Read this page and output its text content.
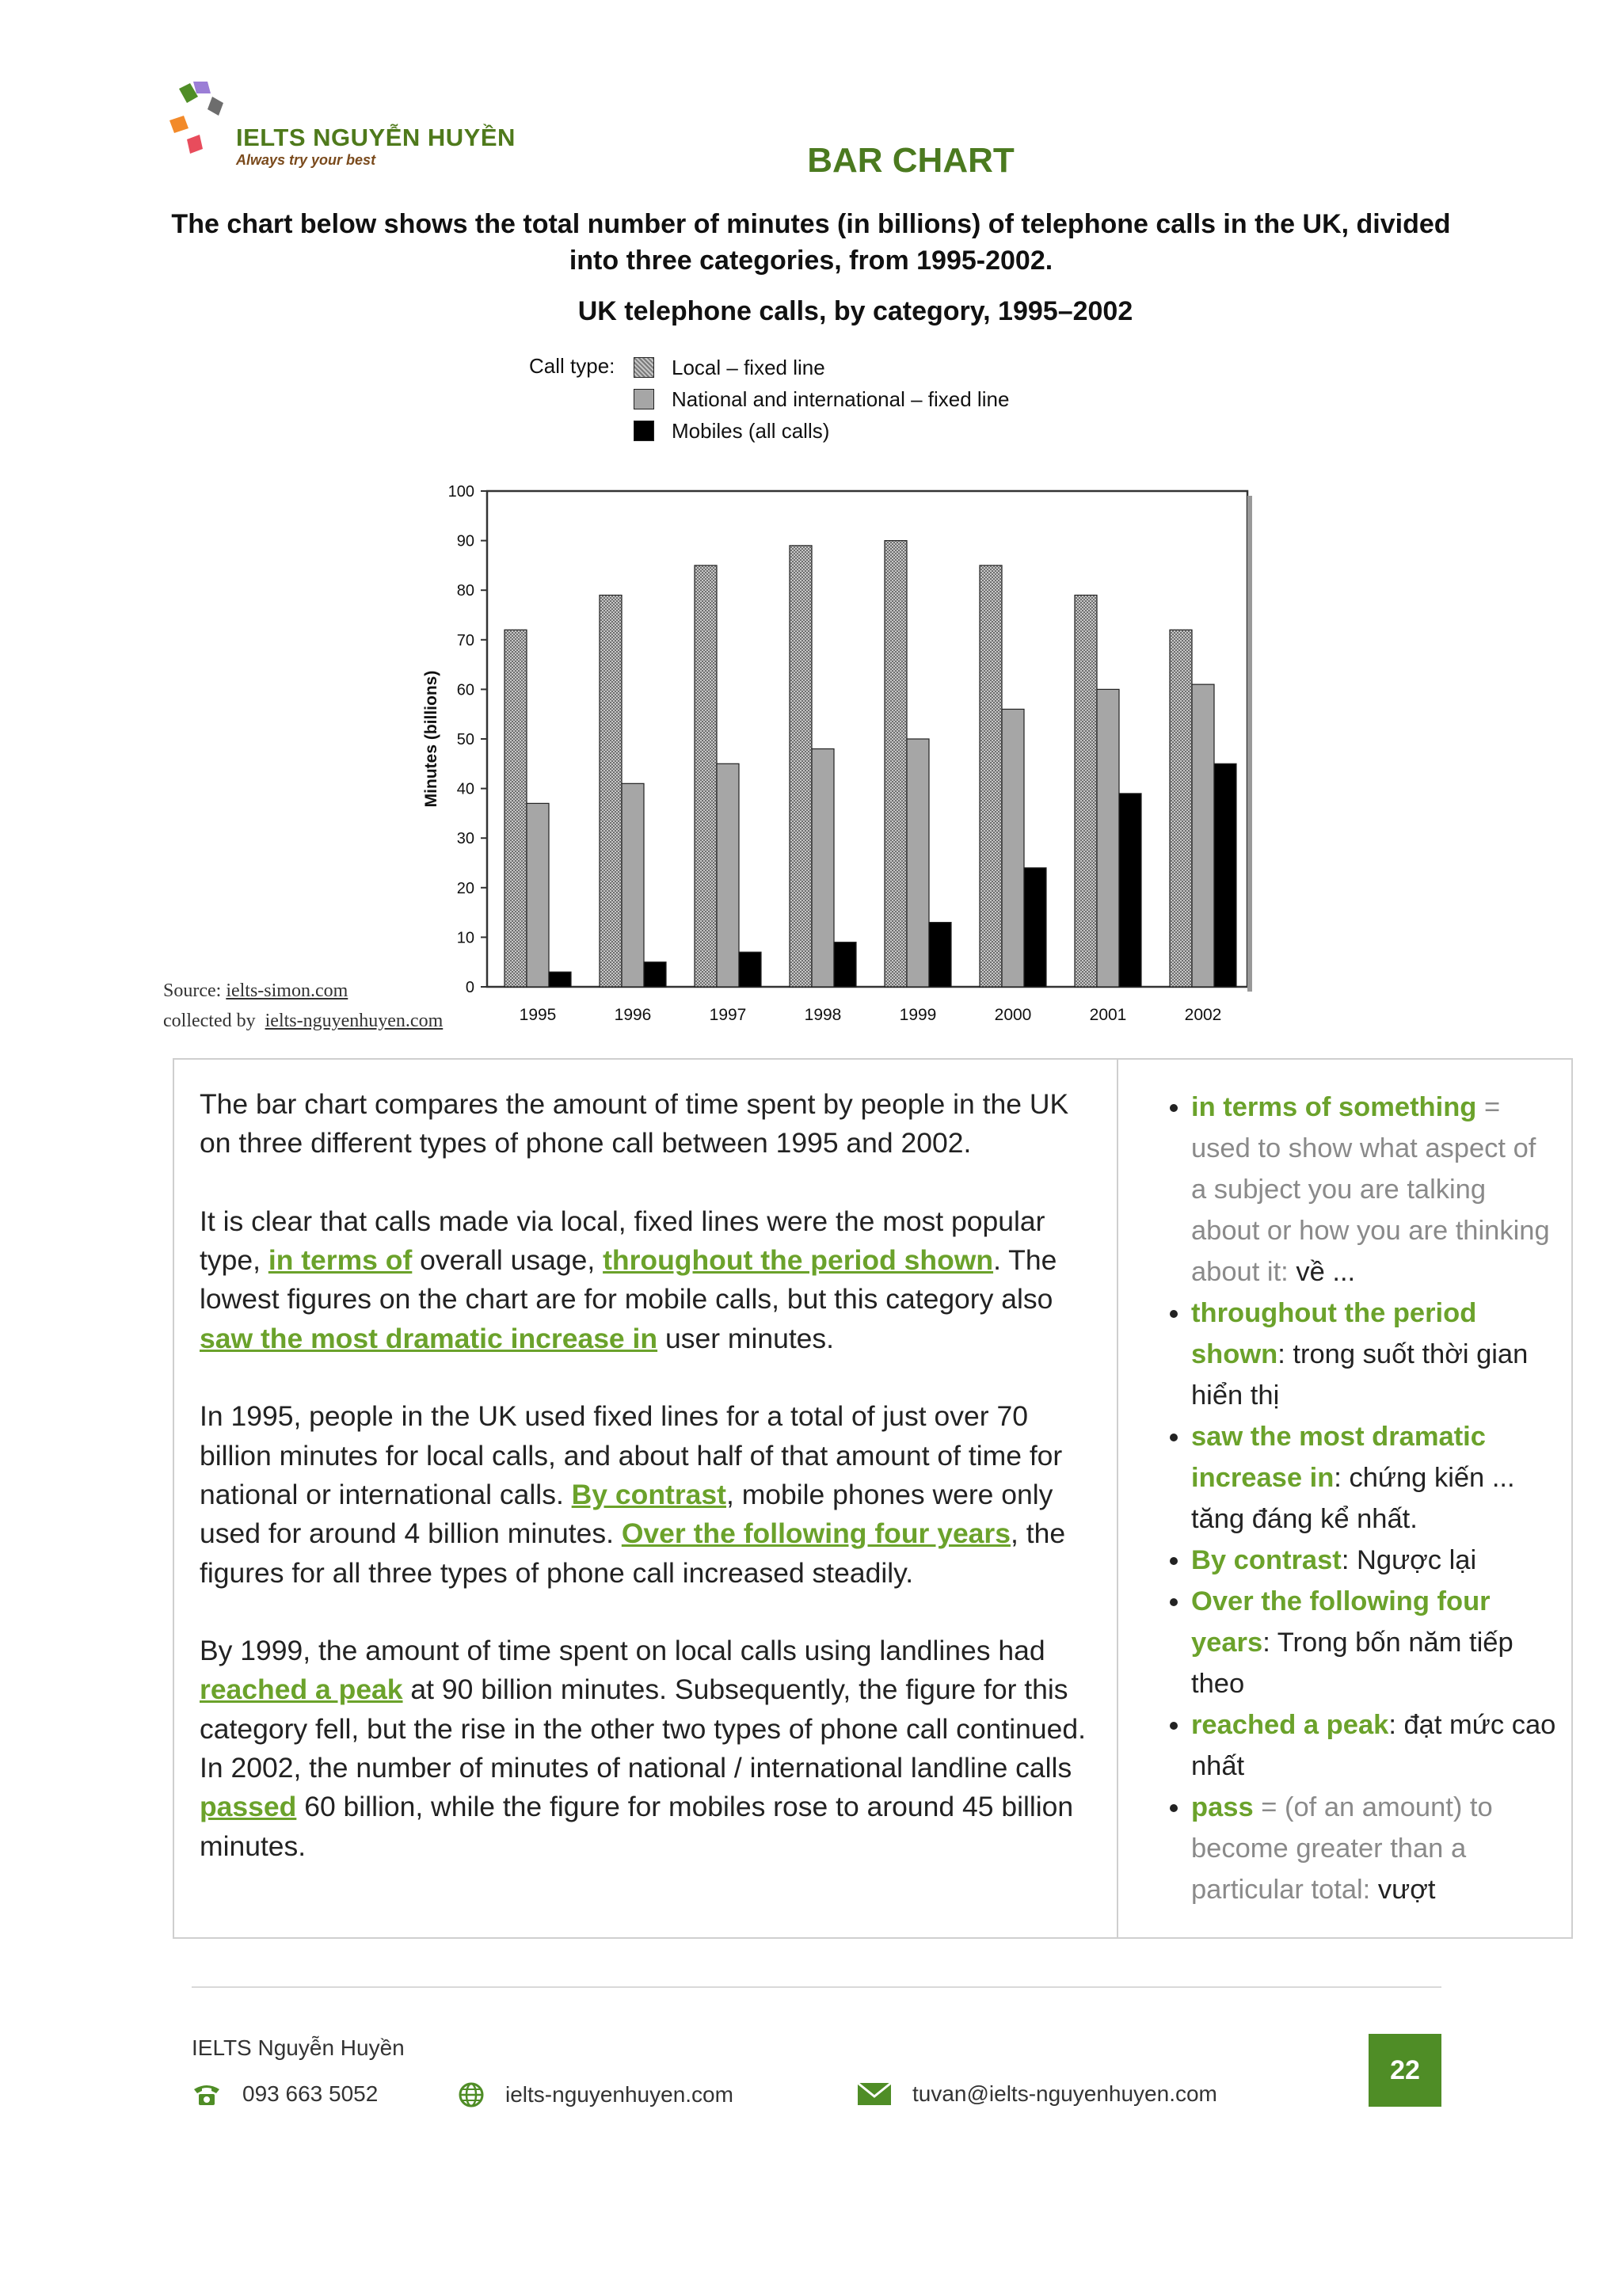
IELTS NGUYỄN HUYỀN
Always try your best	BAR CHART
The chart below shows the total number of minutes (in billions) of telephone calls in the UK, divided into three categories, from 1995-2002.
UK telephone calls, by category, 1995–2002
Call type:	Local – fixed line
National and international – fixed line
Mobiles (all calls)
0
10
20
30
40
50
60
70
80
90
100
Minutes (billions)
1995	1996	1997	1998	1999	2000	2001	2002
Source: ielts-simon.com
collected by ielts-nguyenhuyen.com

The bar chart compares the amount of time spent by people in the UK on three different types of phone call between 1995 and 2002.

It is clear that calls made via local, fixed lines were the most popular type, in terms of overall usage, throughout the period shown. The lowest figures on the chart are for mobile calls, but this category also saw the most dramatic increase in user minutes.

In 1995, people in the UK used fixed lines for a total of just over 70 billion minutes for local calls, and about half of that amount of time for national or international calls. By contrast, mobile phones were only used for around 4 billion minutes. Over the following four years, the figures for all three types of phone call increased steadily.

By 1999, the amount of time spent on local calls using landlines had reached a peak at 90 billion minutes. Subsequently, the figure for this category fell, but the rise in the other two types of phone call continued. In 2002, the number of minutes of national / international landline calls passed 60 billion, while the figure for mobiles rose to around 45 billion minutes.

• in terms of something = used to show what aspect of a subject you are talking about or how you are thinking about it: về ...
• throughout the period shown: trong suốt thời gian hiển thị
• saw the most dramatic increase in: chứng kiến ... tăng đáng kể nhất.
• By contrast: Ngược lại
• Over the following four years: Trong bốn năm tiếp theo
• reached a peak: đạt mức cao nhất
• pass = (of an amount) to become greater than a particular total: vượt
IELTS Nguyễn Huyền
093 663 5052	ielts-nguyenhuyen.com	tuvan@ielts-nguyenhuyen.com
22
